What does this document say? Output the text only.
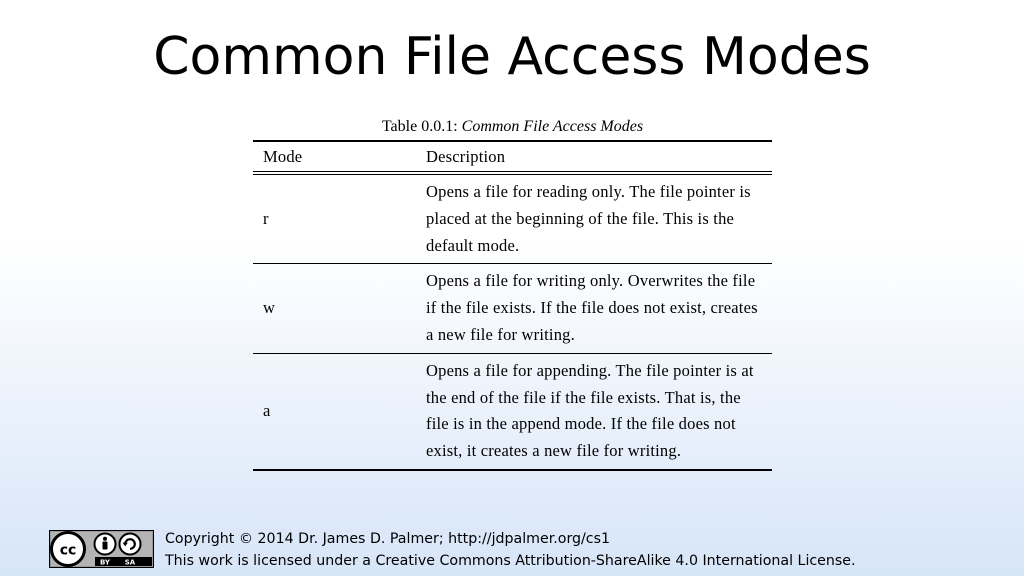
Common File Access Modes
Table 0.0.1: Common File Access Modes
Mode	Description
r	Opens a file for reading only. The file pointer is placed at the beginning of the file. This is the default mode.
w	Opens a file for writing only. Overwrites the file if the file exists. If the file does not exist, creates a new file for writing.
a	Opens a file for appending. The file pointer is at the end of the file if the file exists. That is, the file is in the append mode. If the file does not exist, it creates a new file for writing.
cc
BY SA
Copyright © 2014 Dr. James D. Palmer; http://jdpalmer.org/cs1
This work is licensed under a Creative Commons Attribution-ShareAlike 4.0 International License.
